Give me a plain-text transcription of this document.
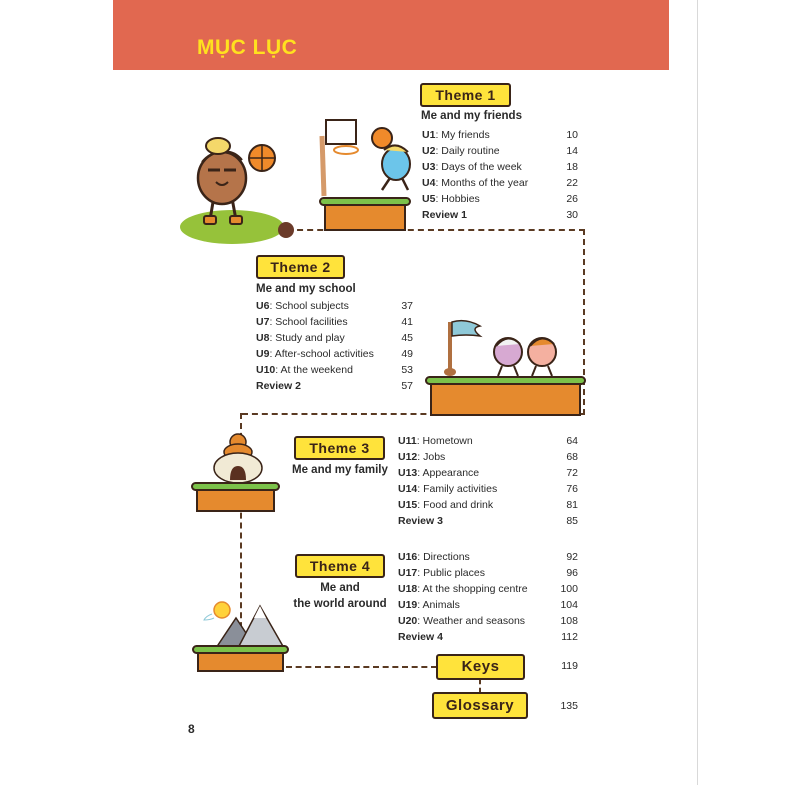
MỤC LỤC
Theme 1
Me and my friends
U1: My friends	10
U2: Daily routine	14
U3: Days of the week	18
U4: Months of the year	22
U5: Hobbies	26
Review 1	30
Theme 2
Me and my school
U6: School subjects	37
U7: School facilities	41
U8: Study and play	45
U9: After-school activities	49
U10: At the weekend	53
Review 2	57
Theme 3
Me and my family
U11: Hometown	64
U12: Jobs	68
U13: Appearance	72
U14: Family activities	76
U15: Food and drink	81
Review 3	85
Theme 4
Me and
the world around
U16: Directions	92
U17: Public places	96
U18: At the shopping centre	100
U19: Animals	104
U20: Weather and seasons	108
Review 4	112
Keys	119
Glossary	135
8
